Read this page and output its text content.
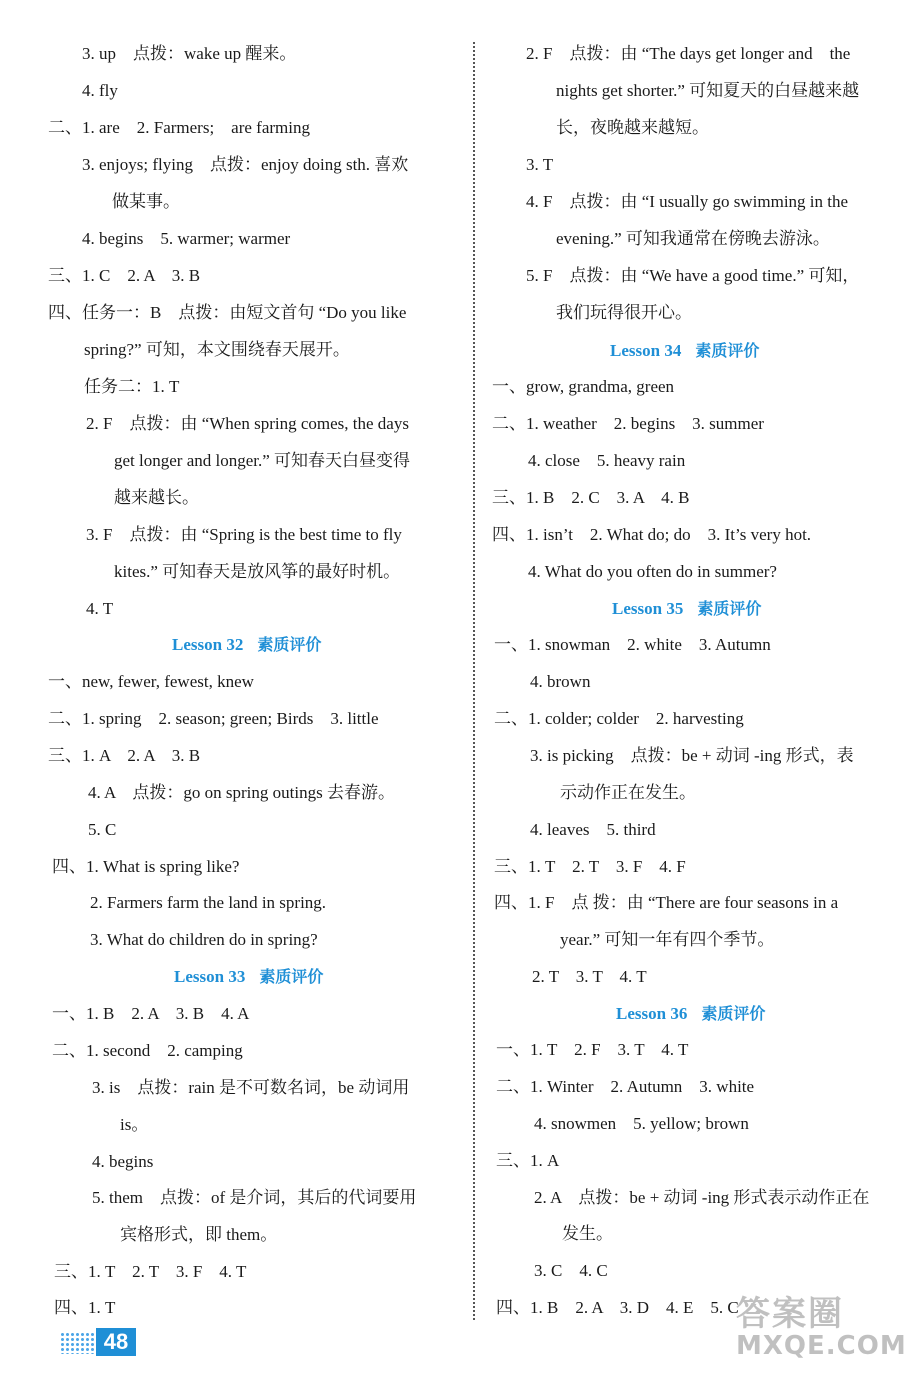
3. up　点拨：wake up 醒来。
4. fly
二、1. are　2. Farmers;　are farming
3. enjoys; flying　点拨：enjoy doing sth. 喜欢
做某事。
4. begins　5. warmer; warmer
三、1. C　2. A　3. B
四、任务一：B　点拨：由短文首句 “Do you like
spring?” 可知，本文围绕春天展开。
任务二：1. T
2. F　点拨：由 “When spring comes, the days
get longer and longer.” 可知春天白昼变得
越来越长。
3. F　点拨：由 “Spring is the best time to fly
kites.” 可知春天是放风筝的最好时机。
4. T
Lesson 32 素质评价
一、new, fewer, fewest, knew
二、1. spring　2. season; green; Birds　3. little
三、1. A　2. A　3. B
4. A　点拨：go on spring outings 去春游。
5. C
四、1. What is spring like?
2. Farmers farm the land in spring.
3. What do children do in spring?
Lesson 33 素质评价
一、1. B　2. A　3. B　4. A
二、1. second　2. camping
3. is　点拨：rain 是不可数名词，be 动词用
is。
4. begins
5. them　点拨：of 是介词，其后的代词要用
宾格形式，即 them。
三、1. T　2. T　3. F　4. T
四、1. T
2. F　点拨：由 “The days get longer and　the
nights get shorter.” 可知夏天的白昼越来越
长，夜晚越来越短。
3. T
4. F　点拨：由 “I usually go swimming in the
evening.” 可知我通常在傍晚去游泳。
5. F　点拨：由 “We have a good time.” 可知，
我们玩得很开心。
Lesson 34 素质评价
一、grow, grandma, green
二、1. weather　2. begins　3. summer
4. close　5. heavy rain
三、1. B　2. C　3. A　4. B
四、1. isn’t　2. What do; do　3. It’s very hot.
4. What do you often do in summer?
Lesson 35 素质评价
一、1. snowman　2. white　3. Autumn
4. brown
二、1. colder; colder　2. harvesting
3. is picking　点拨：be + 动词 -ing 形式，表
示动作正在发生。
4. leaves　5. third
三、1. T　2. T　3. F　4. F
四、1. F　点 拨：由 “There are four seasons in a
year.” 可知一年有四个季节。
2. T　3. T　4. T
Lesson 36 素质评价
一、1. T　2. F　3. T　4. T
二、1. Winter　2. Autumn　3. white
4. snowmen　5. yellow; brown
三、1. A
2. A　点拨：be + 动词 -ing 形式表示动作正在
发生。
3. C　4. C
四、1. B　2. A　3. D　4. E　5. C
48
答案圈
MXQE.COM
